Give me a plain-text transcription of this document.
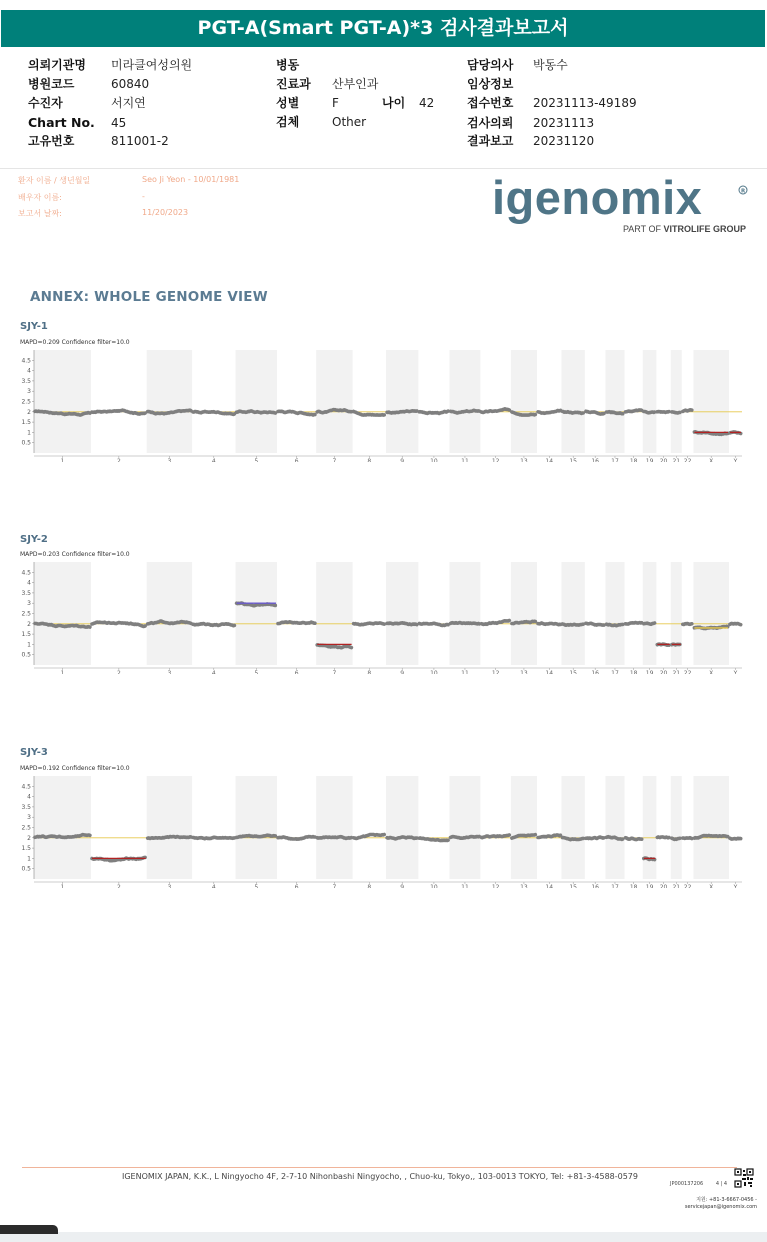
PGT-A(Smart PGT-A)*3 검사결과보고서
의뢰기관명 미라클여성의원
병원코드	60840
수진자	서지연
Chart No. 45
고유번호	811001-2
병동
진료과 산부인과
성별	F	나이 42
검체	Other
담당의사 박동수
임상정보
접수번호 20231113-49189
검사의뢰 20231113
결과보고 20231120
환자 이름 / 생년월일	Seo Ji Yeon - 10/01/1981
배우자 이름:	-
보고서 날짜:	11/20/2023	igenomix	R
PART OF VITROLIFE GROUP
ANNEX: WHOLE GENOME VIEW
SJY-1
MAPD=0.209 Confidence filter=10.0
4.5
4
3.5
3
2.5
2
1.5
1
0.5
1	2	3	4	5	6	7	8	9	10	11	12	13	14	15 16 17 18 19 20 21 22	X	Y
SJY-2
MAPD=0.203 Confidence filter=10.0
4.5
4
3.5
3
2.5
2
1.5
1
0.5
1	2	3	4	5	6	7	8	9	10	11	12	13	14	15 16 17 18 19 20 21 22	X	Y
SJY-3
MAPD=0.192 Confidence filter=10.0
4.5
4
3.5
3
2.5
2
1.5
1
0.5
1	2	3	4	5	6	7	8	9	10	11	12	13	14	15 16 17 18 19 20 21 22	X	Y
IGENOMIX JAPAN, K.K., L Ningyocho 4F, 2-7-10 Nihonbashi Ningyocho, , Chuo-ku, Tokyo,, 103-0013 TOKYO, Tel: +81-3-4588-0579
JP000137206	4 | 4
지원: +81-3-6667-0456 -
servicejapan@igenomix.com
